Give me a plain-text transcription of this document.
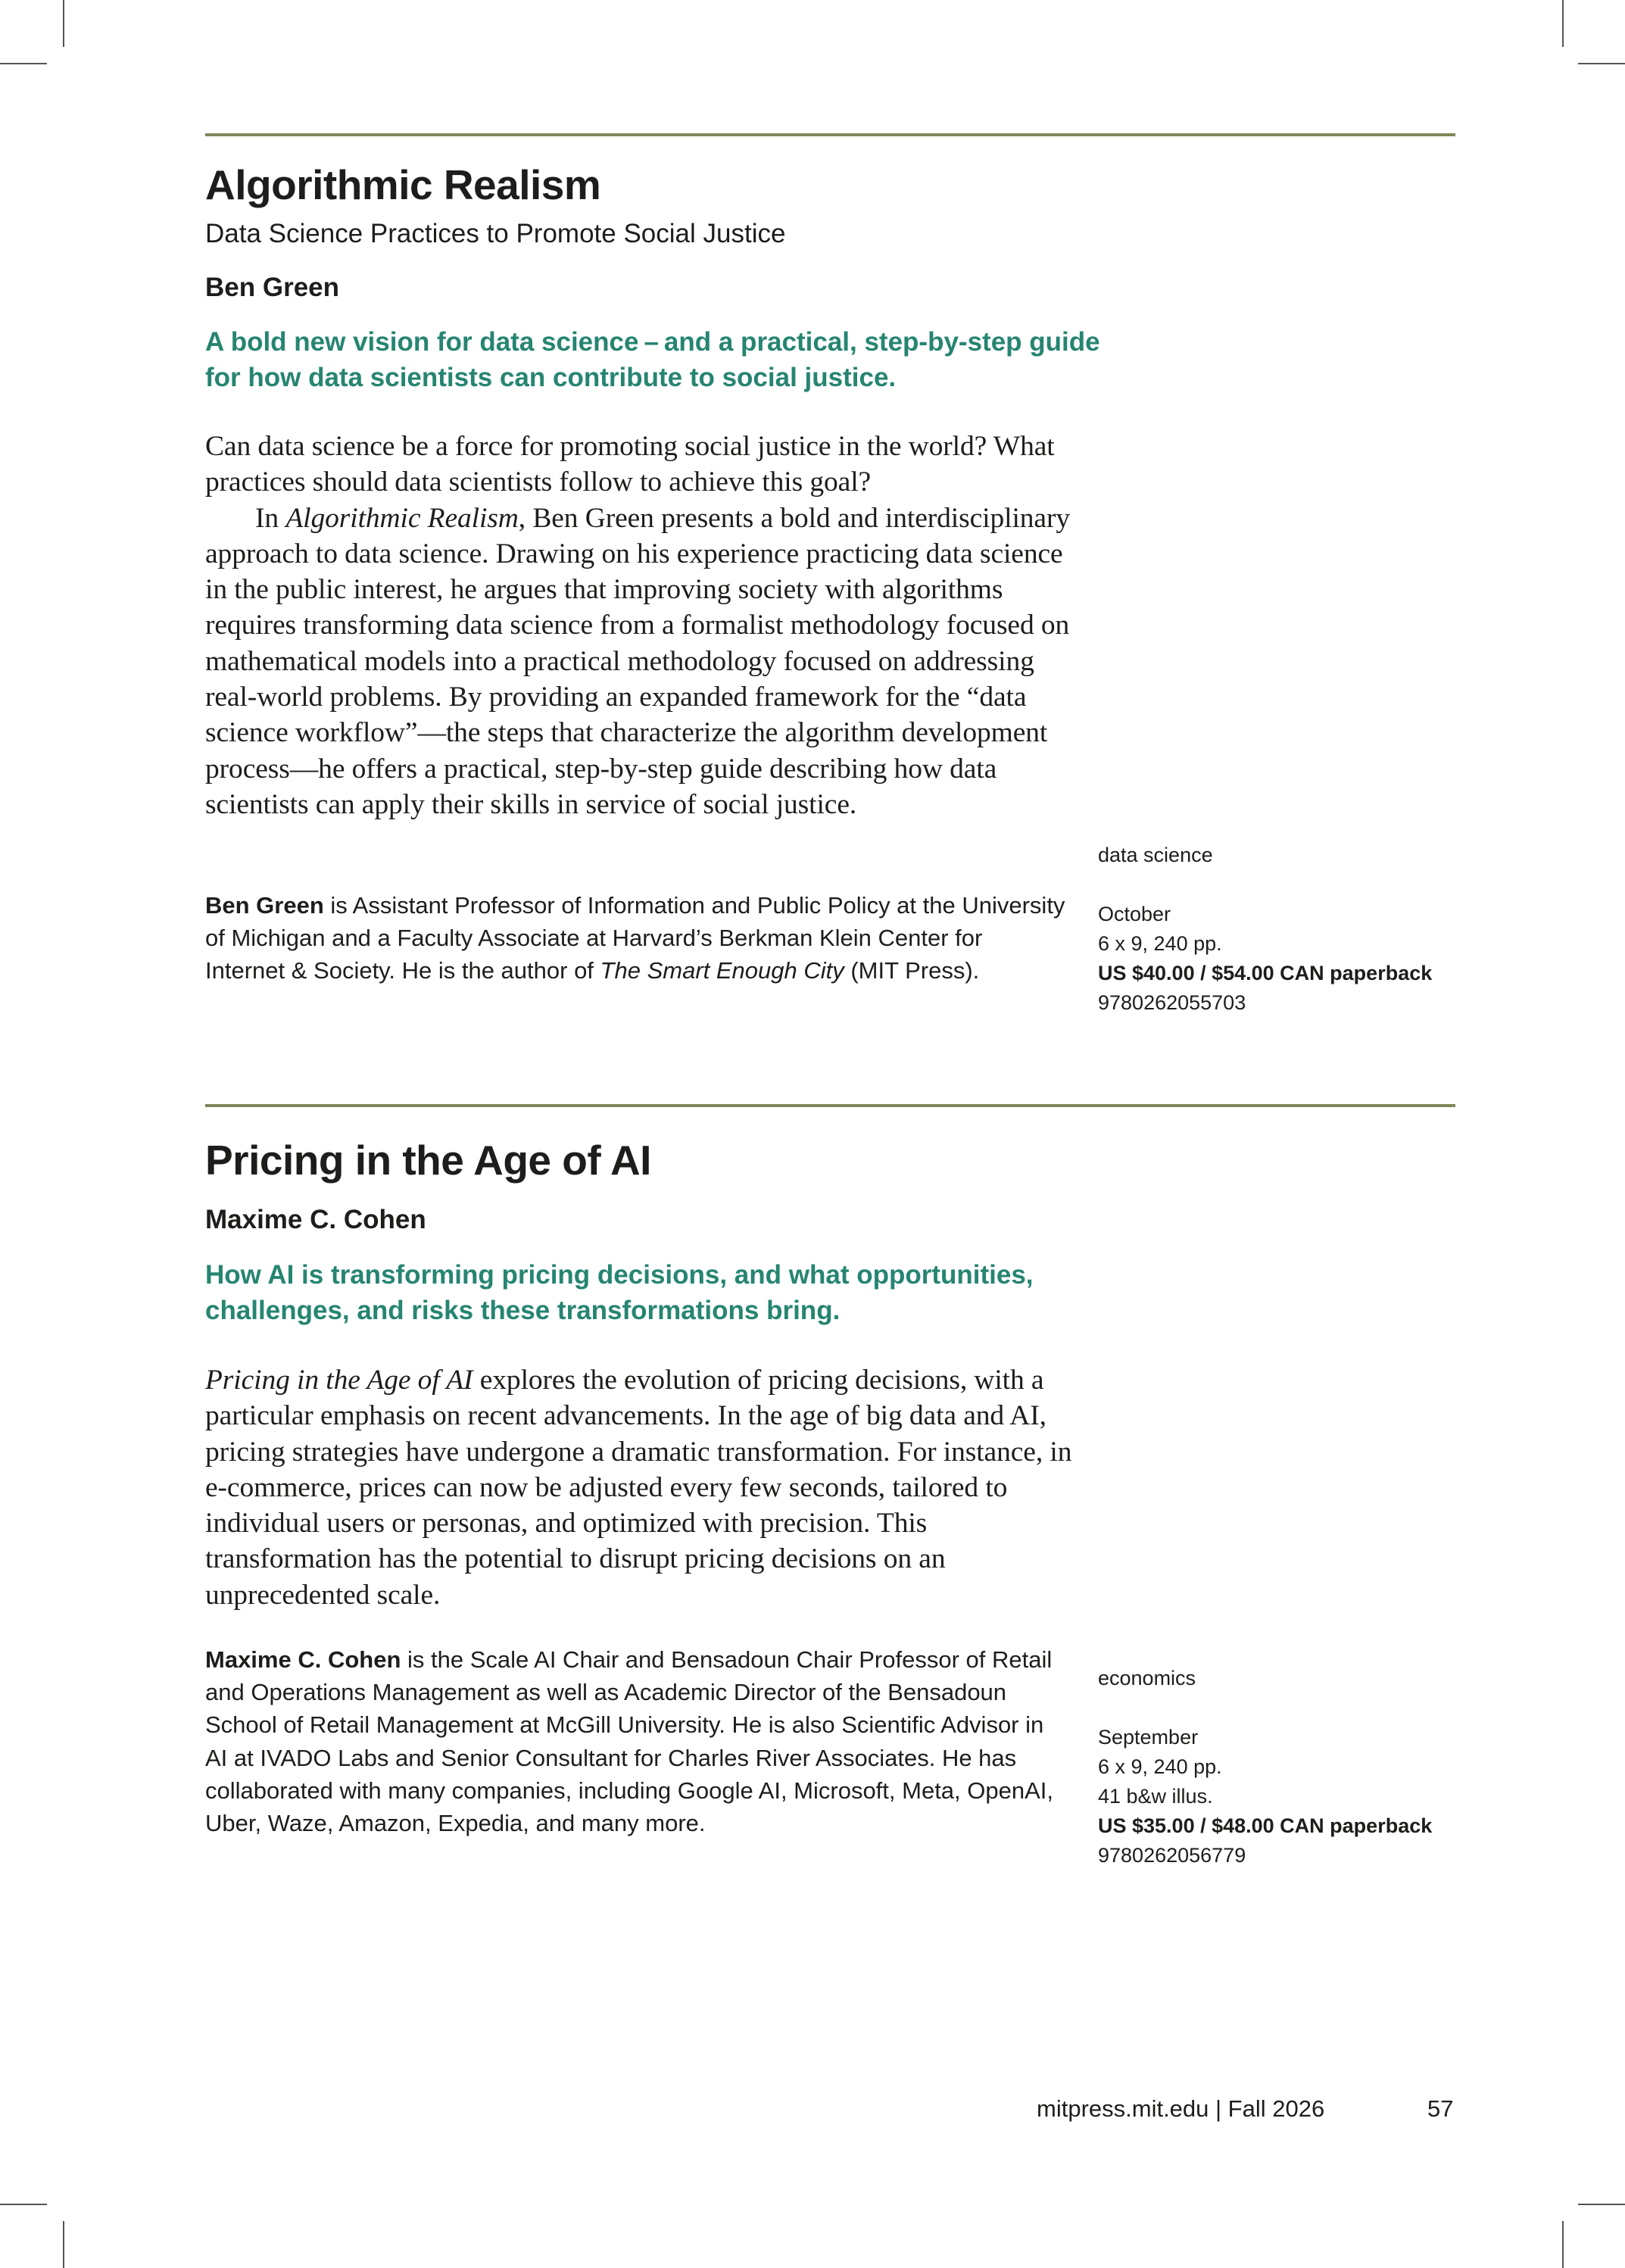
Algorithmic Realism
Data Science Practices to Promote Social Justice
Ben Green
A bold new vision for data science – and a practical, step-by-step guide for how data scientists can contribute to social justice.

Can data science be a force for promoting social justice in the world? What practices should data scientists follow to achieve this goal?

In Algorithmic Realism, Ben Green presents a bold and interdisciplinary approach to data science. Drawing on his experience practicing data science in the public interest, he argues that improving society with algorithms requires transforming data science from a formalist methodology focused on mathematical models into a practical methodology focused on addressing real-world problems. By providing an expanded framework for the “data science workflow”—the steps that characterize the algorithm development process—he offers a practical, step-by-step guide describing how data scientists can apply their skills in service of social justice.

Ben Green is Assistant Professor of Information and Public Policy at the University of Michigan and a Faculty Associate at Harvard’s Berkman Klein Center for Internet & Society. He is the author of The Smart Enough City (MIT Press).

data science
October
6 x 9, 240 pp.
US $40.00 / $54.00 CAN paperback
9780262055703
Pricing in the Age of AI
Maxime C. Cohen
How AI is transforming pricing decisions, and what opportunities, challenges, and risks these transformations bring.

Pricing in the Age of AI explores the evolution of pricing decisions, with a particular emphasis on recent advancements. In the age of big data and AI, pricing strategies have undergone a dramatic transformation. For instance, in e-commerce, prices can now be adjusted every few seconds, tailored to individual users or personas, and optimized with precision. This transformation has the potential to disrupt pricing decisions on an unprecedented scale.

Maxime C. Cohen is the Scale AI Chair and Bensadoun Chair Professor of Retail and Operations Management as well as Academic Director of the Bensadoun School of Retail Management at McGill University. He is also Scientific Advisor in AI at IVADO Labs and Senior Consultant for Charles River Associates. He has collaborated with many companies, including Google AI, Microsoft, Meta, OpenAI, Uber, Waze, Amazon, Expedia, and many more.

economics
September
6 x 9, 240 pp.
41 b&w illus.
US $35.00 / $48.00 CAN paperback
9780262056779
mitpress.mit.edu | Fall 2026	57
